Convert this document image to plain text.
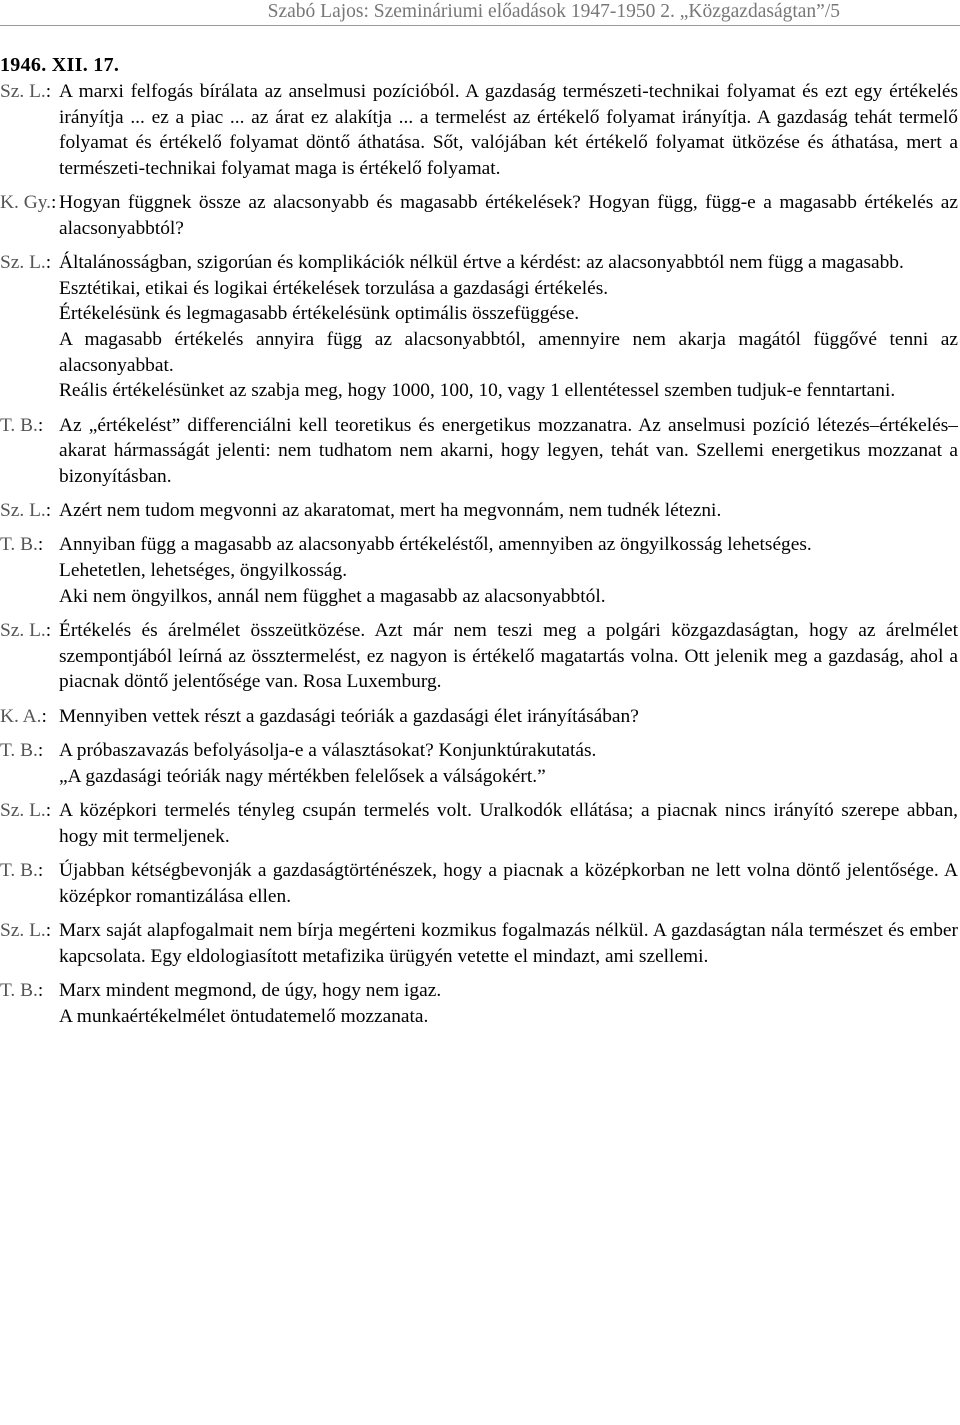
Szabó Lajos: Szemináriumi előadások 1947-1950 2. „Közgazdaságtan”/5
1946. XII. 17.
Sz. L.: A marxi felfogás bírálata az anselmusi pozícióból. A gazdaság természeti-technikai folyamat és ezt egy értékelés irányítja ... ez a piac ... az árat ez alakítja ... a termelést az értékelő folyamat irányítja. A gazdaság tehát termelő folyamat és értékelő folyamat döntő áthatása. Sőt, valójában két értékelő folyamat ütközése és áthatása, mert a természeti-technikai folyamat maga is értékelő folyamat.
K. Gy.: Hogyan függnek össze az alacsonyabb és magasabb értékelések? Hogyan függ, függ-e a magasabb értékelés az alacsonyabbtól?
Sz. L.: Általánosságban, szigorúan és komplikációk nélkül értve a kérdést: az alacsonyabbtól nem függ a magasabb.
Esztétikai, etikai és logikai értékelések torzulása a gazdasági értékelés.
Értékelésünk és legmagasabb értékelésünk optimális összefüggése.
A magasabb értékelés annyira függ az alacsonyabbtól, amennyire nem akarja magától függővé tenni az alacsonyabbat.
Reális értékelésünket az szabja meg, hogy 1000, 100, 10, vagy 1 ellentétessel szemben tudjuk-e fenntartani.
T. B.: Az „értékelést” differenciálni kell teoretikus és energetikus mozzanatra. Az anselmusi pozíció létezés–értékelés–akarat hármasságát jelenti: nem tudhatom nem akarni, hogy legyen, tehát van. Szellemi energetikus mozzanat a bizonyításban.
Sz. L.: Azért nem tudom megvonni az akaratomat, mert ha megvonnám, nem tudnék létezni.
T. B.: Annyiban függ a magasabb az alacsonyabb értékeléstől, amennyiben az öngyilkosság lehetséges.
Lehetetlen, lehetséges, öngyilkosság.
Aki nem öngyilkos, annál nem függhet a magasabb az alacsonyabbtól.
Sz. L.: Értékelés és árelmélet összeütközése. Azt már nem teszi meg a polgári közgazdaságtan, hogy az árelmélet szempontjából leírná az össztermelést, ez nagyon is értékelő magatartás volna. Ott jelenik meg a gazdaság, ahol a piacnak döntő jelentősége van. Rosa Luxemburg.
K. A.: Mennyiben vettek részt a gazdasági teóriák a gazdasági élet irányításában?
T. B.: A próbaszavazás befolyásolja-e a választásokat? Konjunktúrakutatás.
„A gazdasági teóriák nagy mértékben felelősek a válságokért.”
Sz. L.: A középkori termelés tényleg csupán termelés volt. Uralkodók ellátása; a piacnak nincs irányító szerepe abban, hogy mit termeljenek.
T. B.: Újabban kétségbevonják a gazdaságtörténészek, hogy a piacnak a középkorban ne lett volna döntő jelentősége. A középkor romantizálása ellen.
Sz. L.: Marx saját alapfogalmait nem bírja megérteni kozmikus fogalmazás nélkül. A gazdaságtan nála természet és ember kapcsolata. Egy eldologiasított metafizika ürügyén vetette el mindazt, ami szellemi.
T. B.: Marx mindent megmond, de úgy, hogy nem igaz.
A munkaértékelmélet öntudatemelő mozzanata.
